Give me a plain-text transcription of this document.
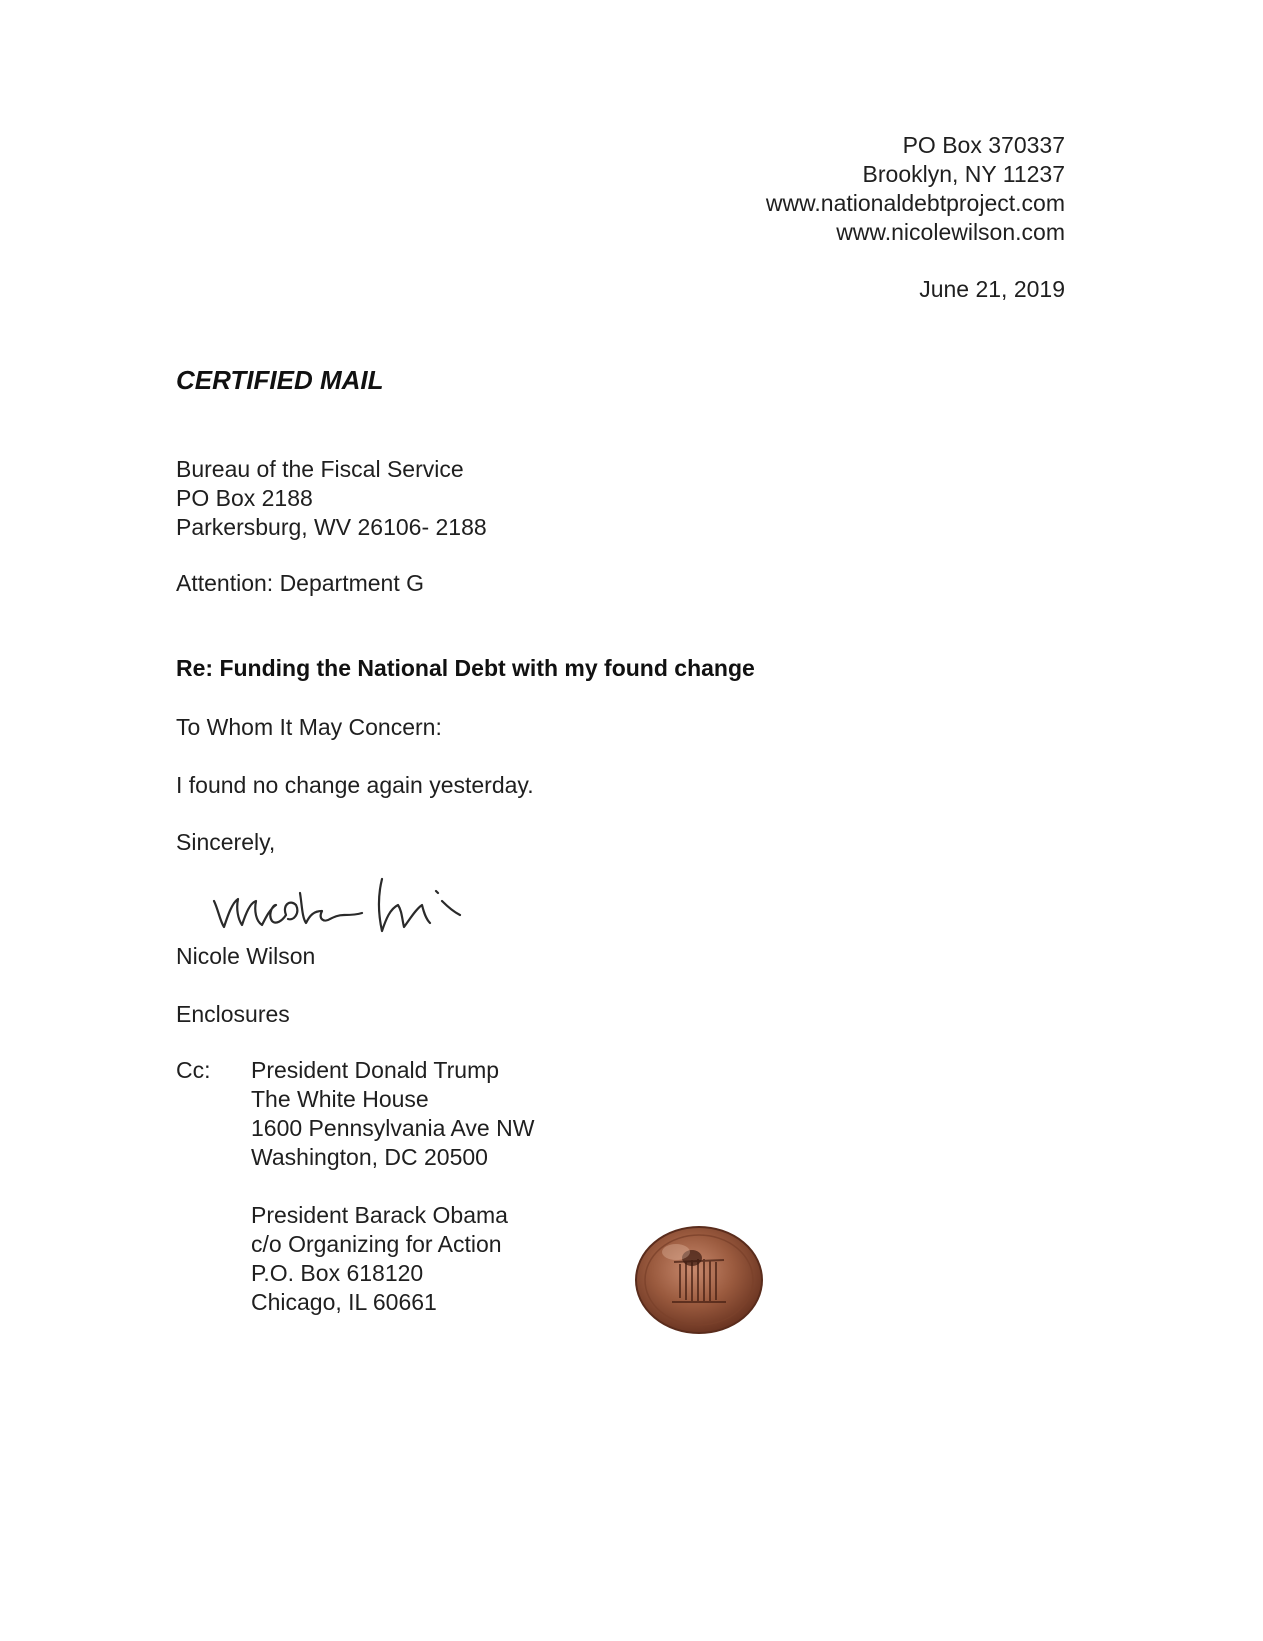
PO Box 370337
Brooklyn, NY 11237
www.nationaldebtproject.com
www.nicolewilson.com
June 21, 2019
CERTIFIED MAIL
Bureau of the Fiscal Service
PO Box 2188
Parkersburg, WV 26106- 2188
Attention: Department G
Re: Funding the National Debt with my found change
To Whom It May Concern:
I found no change again yesterday.
Sincerely,
Nicole Wilson
Enclosures
Cc:	President Donald Trump
The White House
1600 Pennsylvania Ave NW
Washington, DC 20500
President Barack Obama
c/o Organizing for Action
P.O. Box 618120
Chicago, IL 60661
